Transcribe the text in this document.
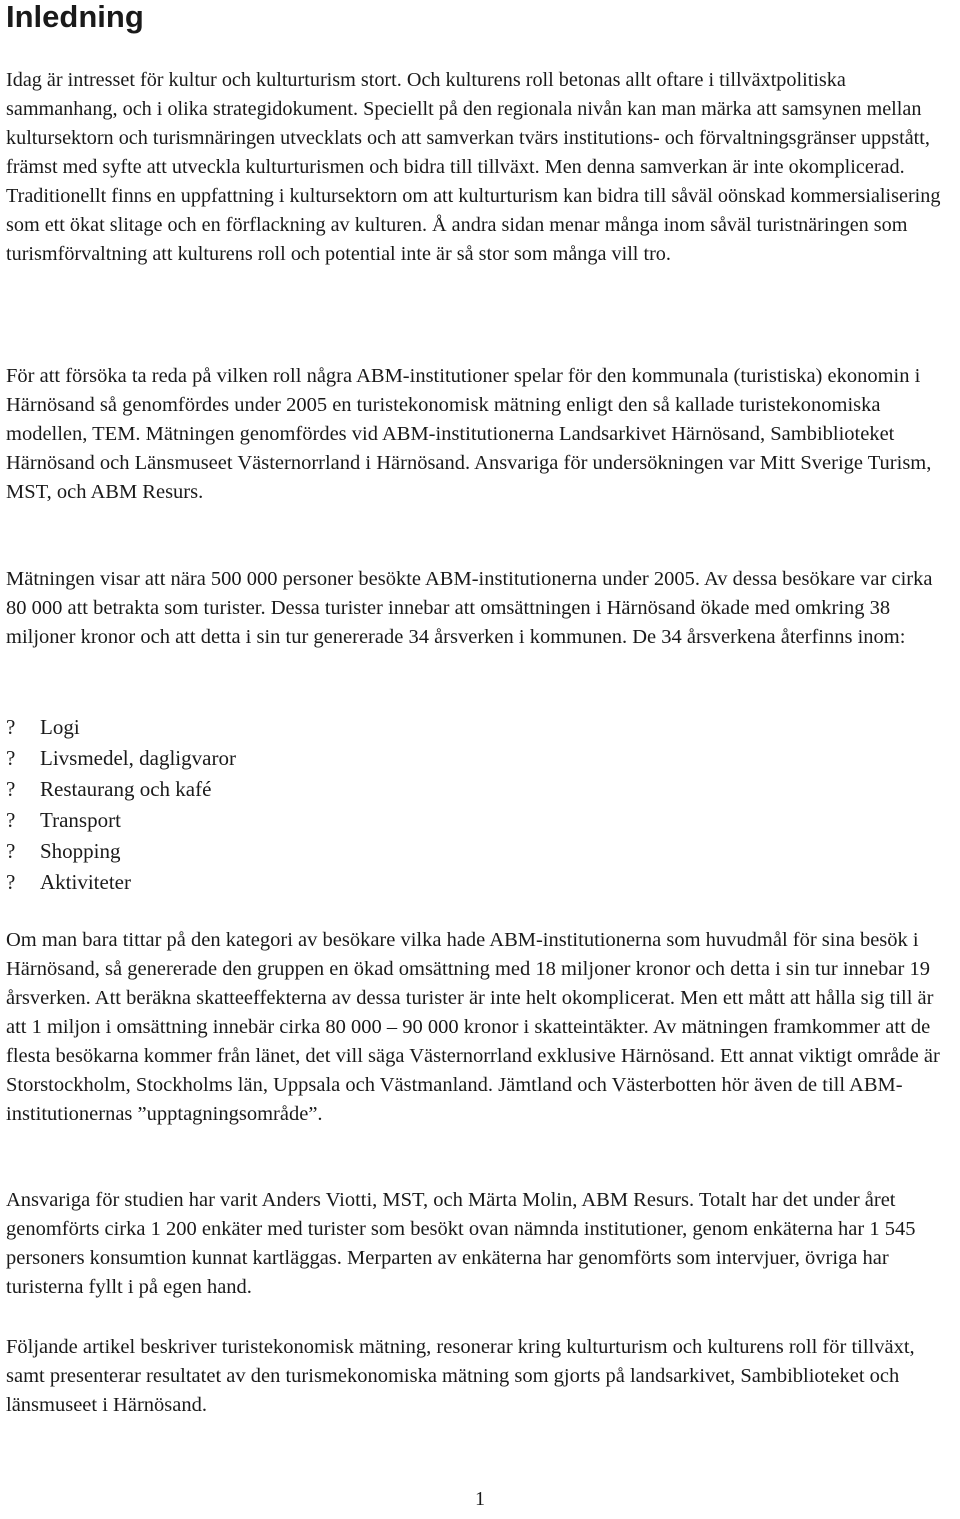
Inledning

Idag är intresset för kultur och kulturturism stort. Och kulturens roll betonas allt oftare i tillväxtpolitiska sammanhang, och i olika strategidokument. Speciellt på den regionala nivån kan man märka att samsynen mellan kultursektorn och turismnäringen utvecklats och att samverkan tvärs institutions- och förvaltningsgränser uppstått, främst med syfte att utveckla kulturturismen och bidra till tillväxt. Men denna samverkan är inte okomplicerad. Traditionellt finns en uppfattning i kultursektorn om att kulturturism kan bidra till såväl oönskad kommersialisering som ett ökat slitage och en förflackning av kulturen. Å andra sidan menar många inom såväl turistnäringen som turismförvaltning att kulturens roll och potential inte är så stor som många vill tro.

För att försöka ta reda på vilken roll några ABM-institutioner spelar för den kommunala (turistiska) ekonomin i Härnösand så genomfördes under 2005 en turistekonomisk mätning enligt den så kallade turistekonomiska modellen, TEM. Mätningen genomfördes vid ABM-institutionerna Landsarkivet Härnösand, Sambiblioteket Härnösand och Länsmuseet Västernorrland i Härnösand. Ansvariga för undersökningen var Mitt Sverige Turism, MST, och ABM Resurs.

Mätningen visar att nära 500 000 personer besökte ABM-institutionerna under 2005. Av dessa besökare var cirka 80 000 att betrakta som turister. Dessa turister innebar att omsättningen i Härnösand ökade med omkring 38 miljoner kronor och att detta i sin tur genererade 34 årsverken i kommunen. De 34 årsverkena återfinns inom:

?	Logi
?	Livsmedel, dagligvaror
?	Restaurang och kafé
?	Transport
?	Shopping
?	Aktiviteter

Om man bara tittar på den kategori av besökare vilka hade ABM-institutionerna som huvudmål för sina besök i Härnösand, så genererade den gruppen en ökad omsättning med 18 miljoner kronor och detta i sin tur innebar 19 årsverken. Att beräkna skatteeffekterna av dessa turister är inte helt okomplicerat. Men ett mått att hålla sig till är att 1 miljon i omsättning innebär cirka 80 000 – 90 000 kronor i skatteintäkter. Av mätningen framkommer att de flesta besökarna kommer från länet, det vill säga Västernorrland exklusive Härnösand. Ett annat viktigt område är Storstockholm, Stockholms län, Uppsala och Västmanland. Jämtland och Västerbotten hör även de till ABM-institutionernas ”upptagningsområde”.

Ansvariga för studien har varit Anders Viotti, MST, och Märta Molin, ABM Resurs. Totalt har det under året genomförts cirka 1 200 enkäter med turister som besökt ovan nämnda institutioner, genom enkäterna har 1 545 personers konsumtion kunnat kartläggas. Merparten av enkäterna har genomförts som intervjuer, övriga har turisterna fyllt i på egen hand.

Följande artikel beskriver turistekonomisk mätning, resonerar kring kulturturism och kulturens roll för tillväxt, samt presenterar resultatet av den turismekonomiska mätning som gjorts på landsarkivet, Sambiblioteket och länsmuseet i Härnösand.

1
